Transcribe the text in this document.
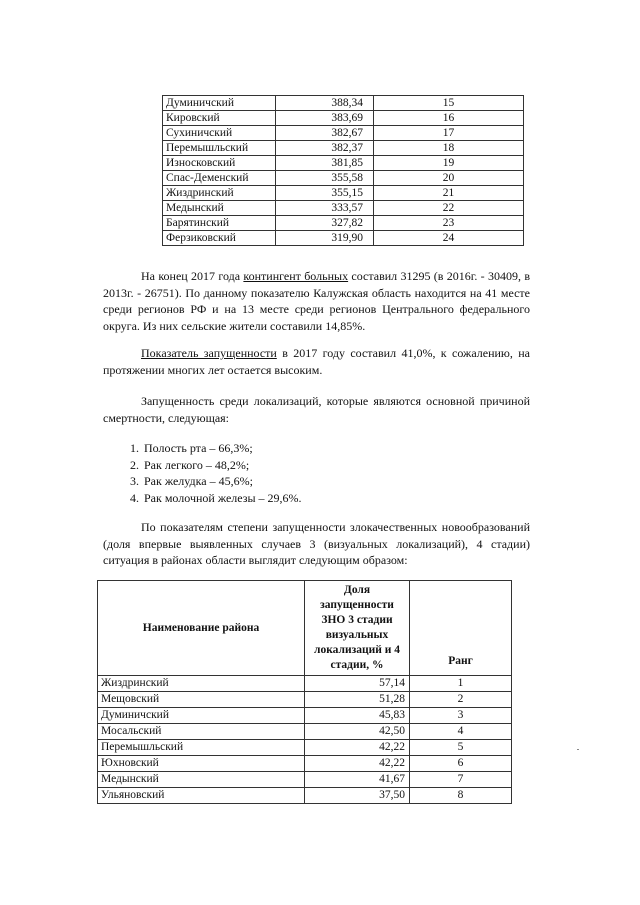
Думиничский	388,34	15
Кировский	383,69	16
Сухиничский	382,67	17
Перемышльский	382,37	18
Износковский	381,85	19
Спас-Деменский	355,58	20
Жиздринский	355,15	21
Медынский	333,57	22
Барятинский	327,82	23
Ферзиковский	319,90	24

На конец 2017 года контингент больных составил 31295 (в 2016г. - 30409, в 2013г. - 26751). По данному показателю Калужская область находится на 41 месте среди регионов РФ и на 13 месте среди регионов Центрального федерального округа. Из них сельские жители составили 14,85%.

Показатель запущенности в 2017 году составил 41,0%, к сожалению, на протяжении многих лет остается высоким.

Запущенность среди локализаций, которые являются основной причиной смертности, следующая:

1. Полость рта – 66,3%;
2. Рак легкого – 48,2%;
3. Рак желудка – 45,6%;
4. Рак молочной железы – 29,6%.

По показателям степени запущенности злокачественных новообразований (доля впервые выявленных случаев 3 (визуальных локализаций), 4 стадии) ситуация в районах области выглядит следующим образом:

Наименование района	Доля запущенности ЗНО 3 стадии визуальных локализаций и 4 стадии, %	Ранг
Жиздринский	57,14	1
Мещовский	51,28	2
Думиничский	45,83	3
Мосальский	42,50	4
Перемышльский	42,22	5
Юхновский	42,22	6
Медынский	41,67	7
Ульяновский	37,50	8
